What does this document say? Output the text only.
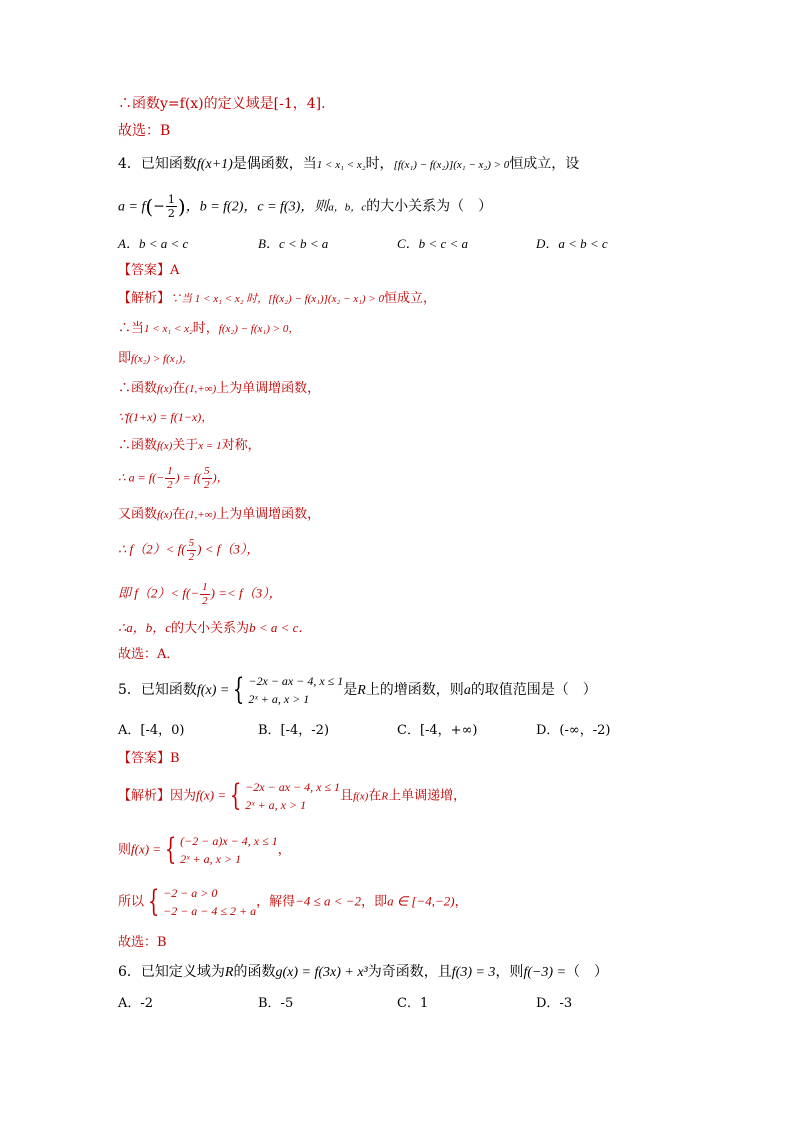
∴函数y=f(x)的定义域是[-1，4].
故选：B
4．已知函数f(x+1)是偶函数，当1 < x₁ < x₂时，[f(x₁) − f(x₂)](x₁ − x₂) > 0恒成立，设
$a = f(- \frac{1}{2}$ )，b = f(2)，c = f(3)，则a，b，c的大小关系为（　）
A．b < a < c	B．c < b < a	C．b < c < a	D．a < b < c
【答案】A
【解析】∵当 1 < x₁ < x₂ 时，[f(x₂) − f(x₁)](x₂ − x₁) > 0恒成立，
∴当1 < x₁ < x₂时，f(x₂) − f(x₁) > 0，
即f(x₂) > f(x₁)，
∴函数f(x)在(1,+∞)上为单调增函数，
∵f(1+x) = f(1−x)，
∴函数f(x)关于x = 1对称，
∴ $a = f(- \frac{1}{2}$ ) = $f( \frac{5}{2}$ )，
又函数f(x)在(1,+∞)上为单调增函数，
∴ $f(2)< f( \frac{5}{2}$ ) < f（3），
即 $f(2)< f(- \frac{1}{2}$ ) =< f（3），
∴a，b，c的大小关系为b < a < c．
故选：A．
5．已知函数f(x) = { −2x − ax − 4, x ≤ 1
2ˣ + a, x > 1
是R上的增函数，则a的取值范围是（　）
A．[-4，0)	B．[-4，-2)	C．[-4，+∞)	D．(-∞，-2)
【答案】B
【解析】因为f(x) = { −2x − ax − 4, x ≤ 1
2ˣ + a, x > 1
且f(x)在R上单调递增，
则f(x) = { (−2 − a)x − 4, x ≤ 1
2ˣ + a, x > 1
，
所以 { −2 − a > 0
−2 − a − 4 ≤ 2 + a
，解得−4 ≤ a < −2，即a ∈ [−4,−2)，
故选：B
6．已知定义域为R的函数g(x) = f(3x) + x³为奇函数，且f(3) = 3，则f(−3) =（　）
A．-2	B．-5	C．1	D．-3
